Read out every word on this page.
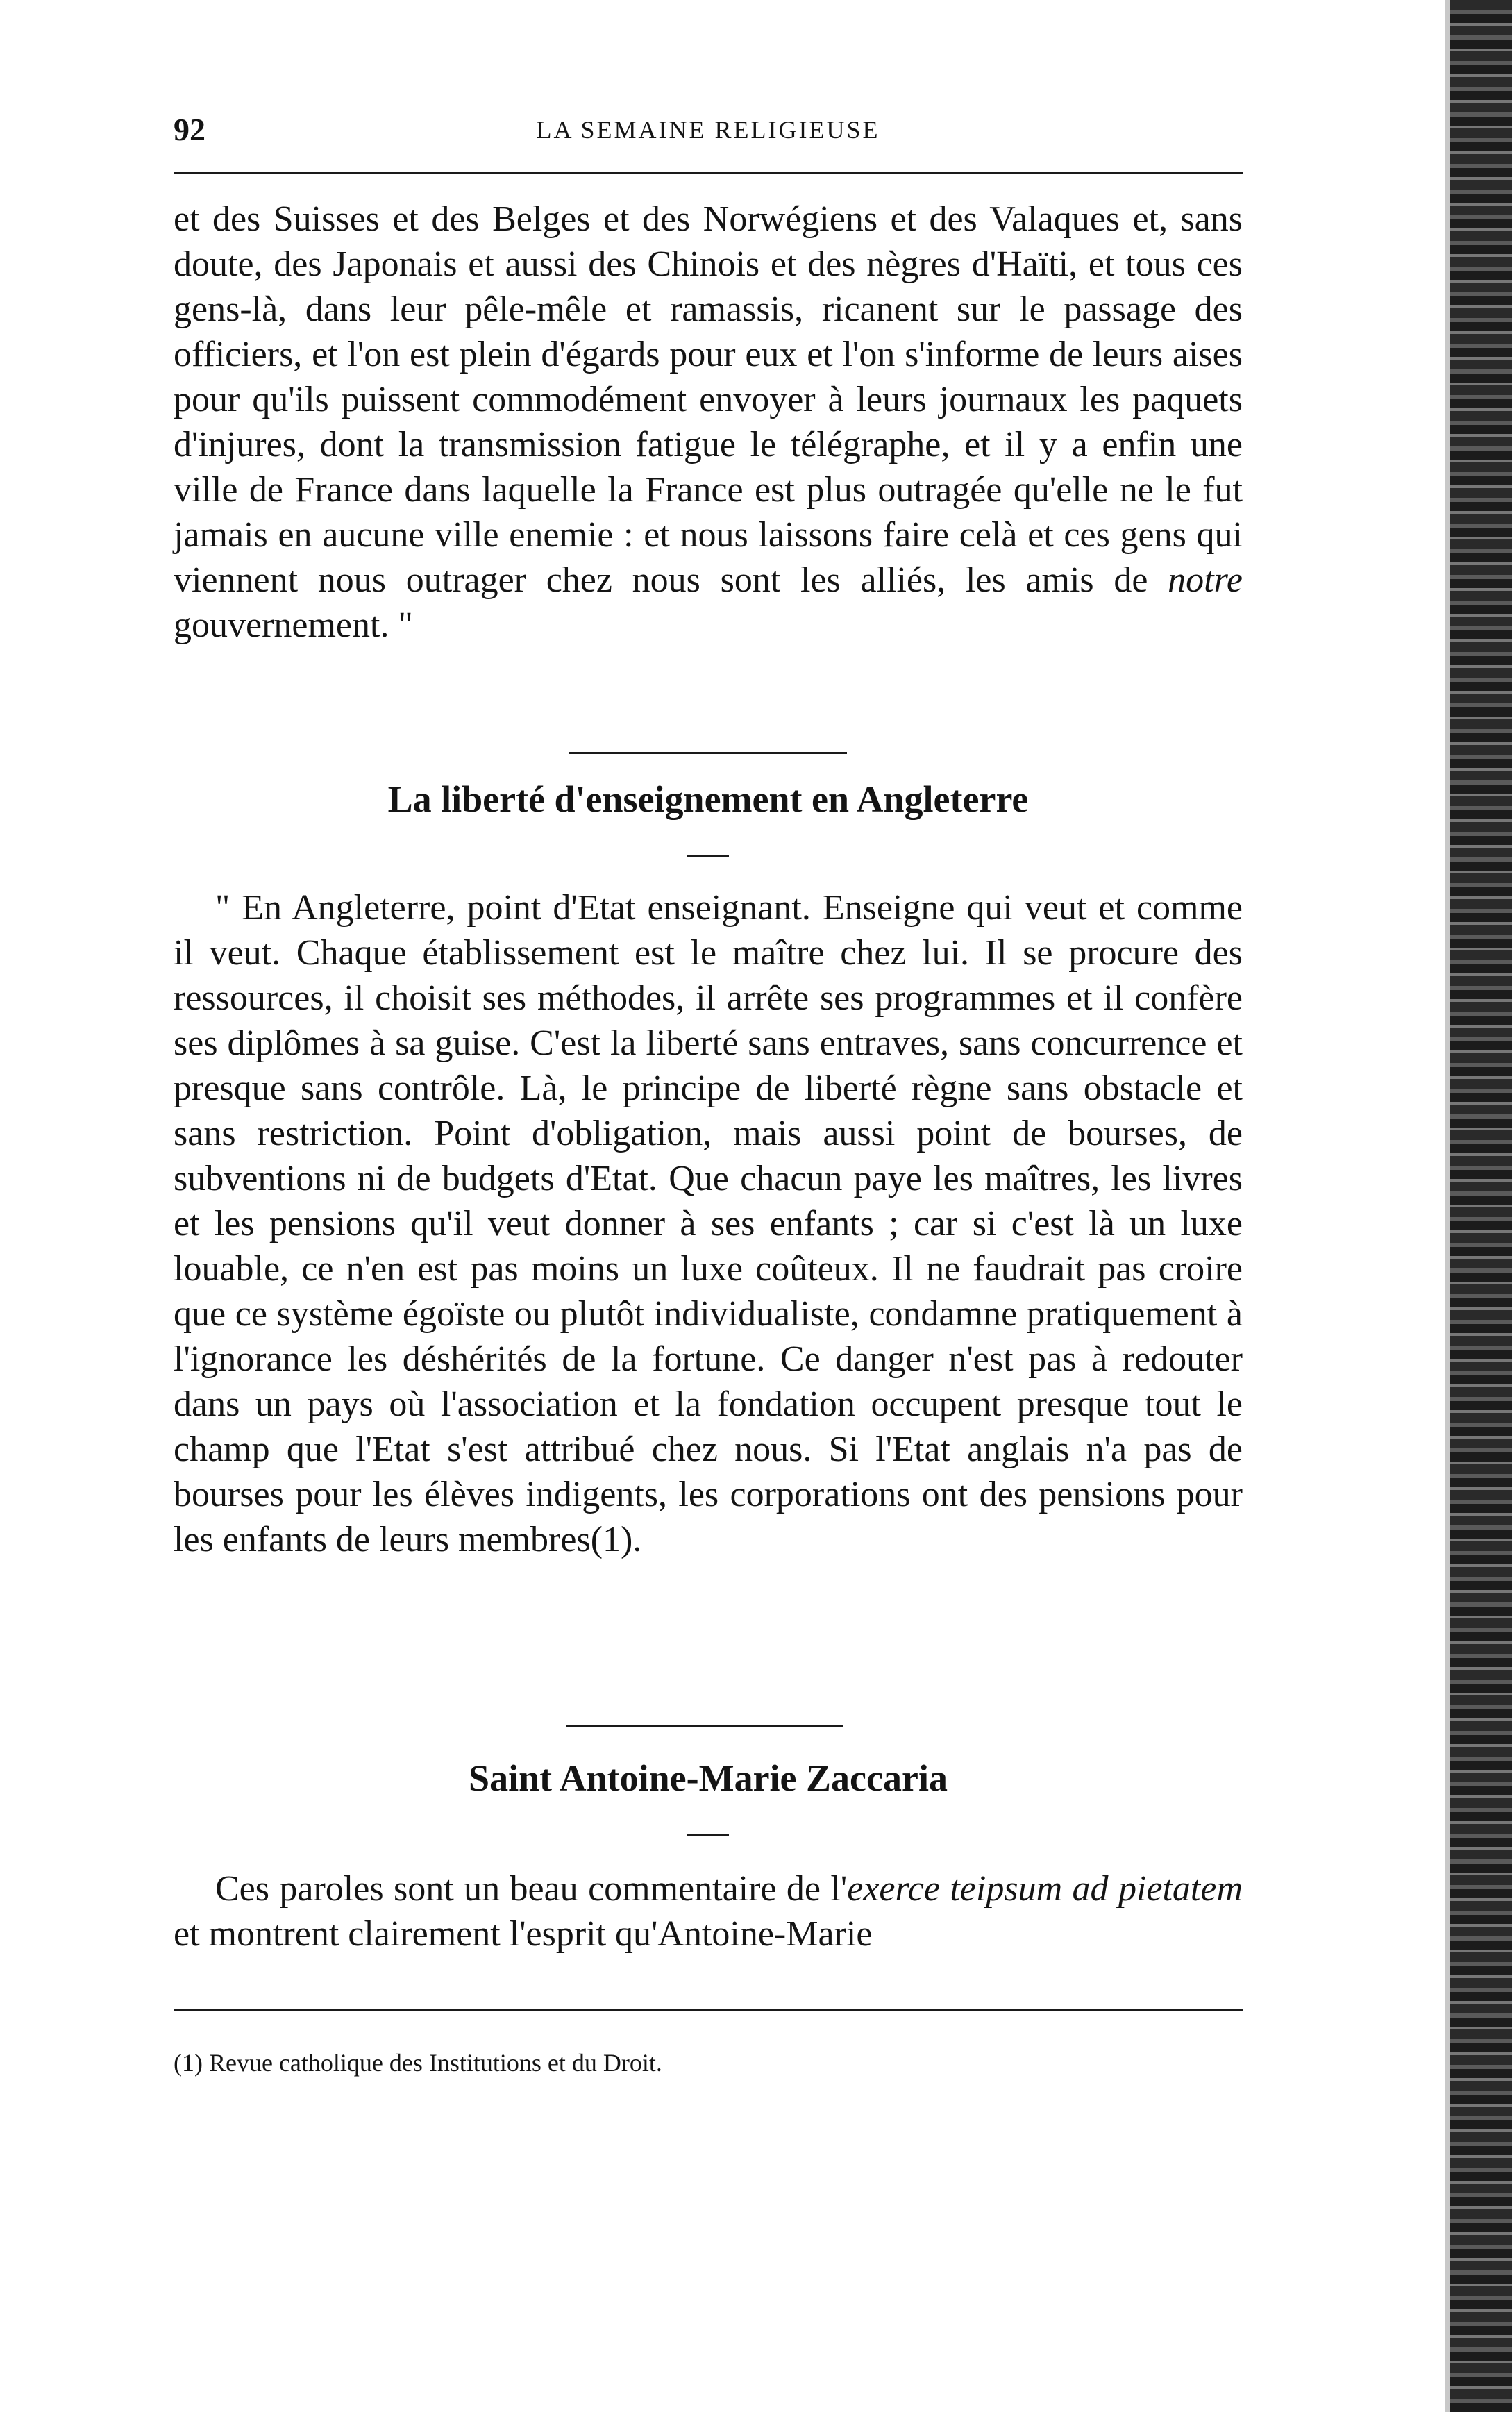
92	LA SEMAINE RELIGIEUSE

et des Suisses et des Belges et des Norwégiens et des Valaques et, sans doute, des Japonais et aussi des Chinois et des nègres d'Haïti, et tous ces gens-là, dans leur pêle-mêle et ramassis, ricanent sur le passage des officiers, et l'on est plein d'égards pour eux et l'on s'informe de leurs aises pour qu'ils puissent commodément envoyer à leurs journaux les paquets d'injures, dont la transmission fatigue le télégraphe, et il y a enfin une ville de France dans laquelle la France est plus outragée qu'elle ne le fut jamais en aucune ville enemie : et nous laissons faire celà et ces gens qui viennent nous outrager chez nous sont les alliés, les amis de notre gouvernement. "

La liberté d'enseignement en Angleterre

" En Angleterre, point d'Etat enseignant. Enseigne qui veut et comme il veut. Chaque établissement est le maître chez lui. Il se procure des ressources, il choisit ses méthodes, il arrête ses programmes et il confère ses diplômes à sa guise. C'est la liberté sans entraves, sans concurrence et presque sans contrôle. Là, le principe de liberté règne sans obstacle et sans restriction. Point d'obligation, mais aussi point de bourses, de subventions ni de budgets d'Etat. Que chacun paye les maîtres, les livres et les pensions qu'il veut donner à ses enfants ; car si c'est là un luxe louable, ce n'en est pas moins un luxe coûteux. Il ne faudrait pas croire que ce système égoïste ou plutôt individualiste, condamne pratiquement à l'ignorance les déshérités de la fortune. Ce danger n'est pas à redouter dans un pays où l'association et la fondation occupent presque tout le champ que l'Etat s'est attribué chez nous. Si l'Etat anglais n'a pas de bourses pour les élèves indigents, les corporations ont des pensions pour les enfants de leurs membres(1).

Saint Antoine-Marie Zaccaria

Ces paroles sont un beau commentaire de l'exerce teipsum ad pietatem et montrent clairement l'esprit qu'Antoine-Marie

(1) Revue catholique des Institutions et du Droit.
